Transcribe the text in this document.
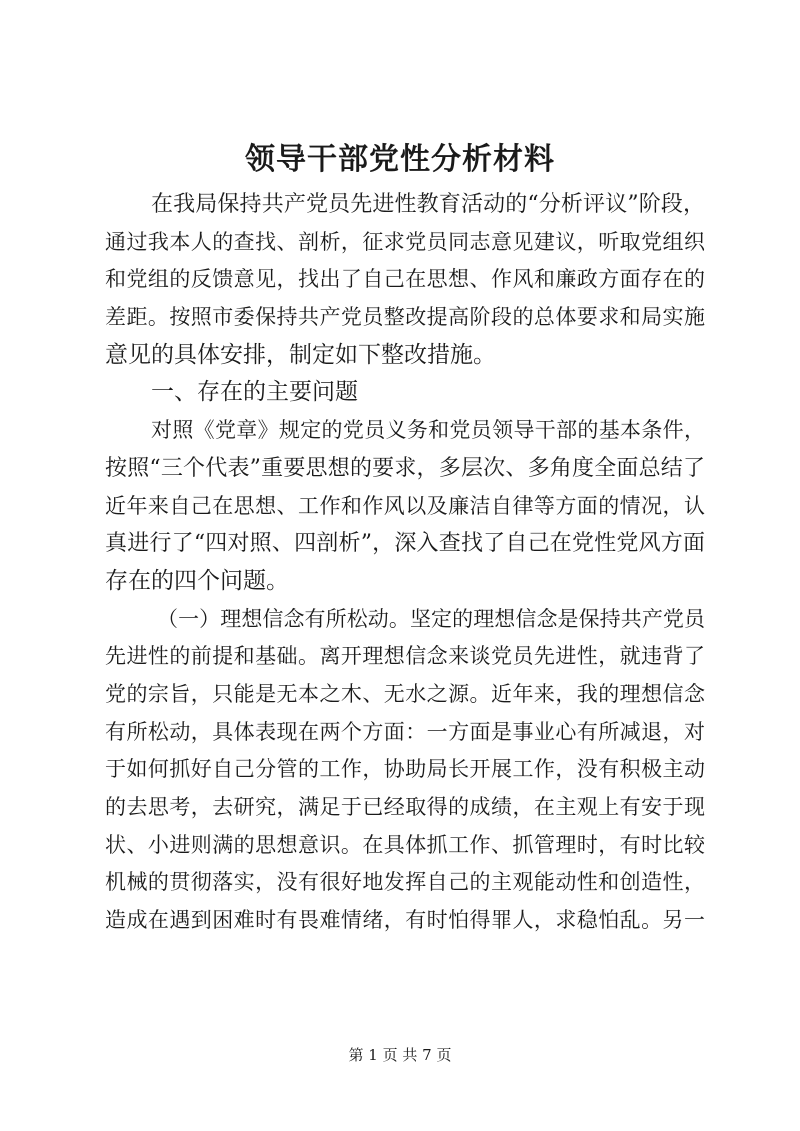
领导干部党性分析材料
在我局保持共产党员先进性教育活动的“分析评议”阶段，
通过我本人的查找、剖析，征求党员同志意见建议，听取党组织
和党组的反馈意见，找出了自己在思想、作风和廉政方面存在的
差距。按照市委保持共产党员整改提高阶段的总体要求和局实施
意见的具体安排，制定如下整改措施。
一、存在的主要问题
对照《党章》规定的党员义务和党员领导干部的基本条件，
按照“三个代表”重要思想的要求，多层次、多角度全面总结了
近年来自己在思想、工作和作风以及廉洁自律等方面的情况，认
真进行了“四对照、四剖析”，深入查找了自己在党性党风方面
存在的四个问题。
（一）理想信念有所松动。坚定的理想信念是保持共产党员
先进性的前提和基础。离开理想信念来谈党员先进性，就违背了
党的宗旨，只能是无本之木、无水之源。近年来，我的理想信念
有所松动，具体表现在两个方面：一方面是事业心有所减退，对
于如何抓好自己分管的工作，协助局长开展工作，没有积极主动
的去思考，去研究，满足于已经取得的成绩，在主观上有安于现
状、小进则满的思想意识。在具体抓工作、抓管理时，有时比较
机械的贯彻落实，没有很好地发挥自己的主观能动性和创造性，
造成在遇到困难时有畏难情绪，有时怕得罪人，求稳怕乱。另一
第 1 页 共 7 页
